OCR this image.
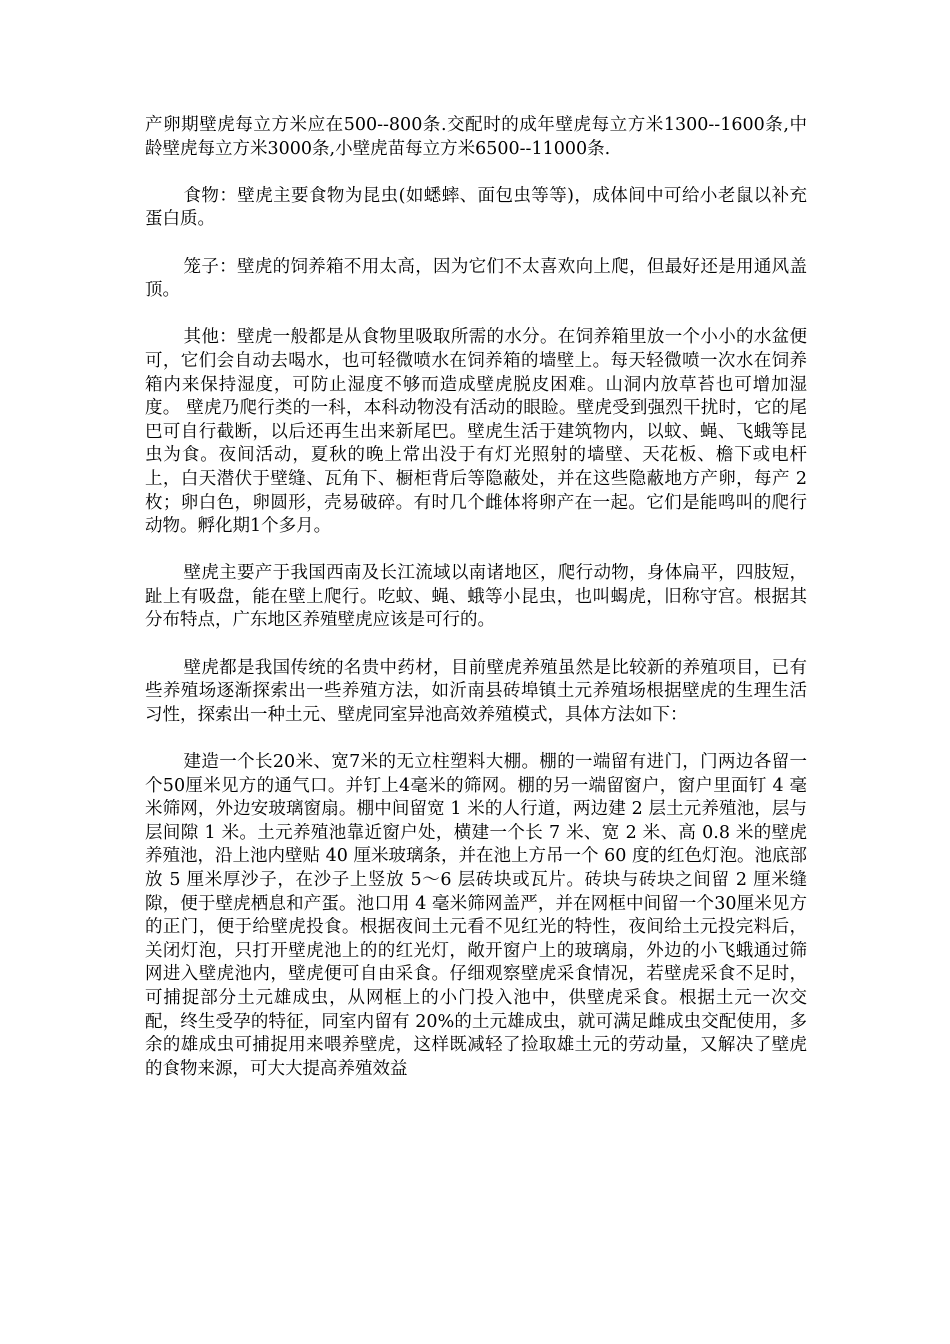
产卵期壁虎每立方米应在500--800条.交配时的成年壁虎每立方米1300--1600条,中龄壁虎每立方米3000条,小壁虎苗每立方米6500--11000条.

食物：壁虎主要食物为昆虫(如蟋蟀、面包虫等等)，成体间中可给小老鼠以补充蛋白质。

笼子：壁虎的饲养箱不用太高，因为它们不太喜欢向上爬，但最好还是用通风盖顶。

其他：壁虎一般都是从食物里吸取所需的水分。在饲养箱里放一个小小的水盆便可，它们会自动去喝水，也可轻微喷水在饲养箱的墙壁上。每天轻微喷一次水在饲养箱内来保持湿度，可防止湿度不够而造成壁虎脱皮困难。山洞内放草苔也可增加湿度。 壁虎乃爬行类的一科，本科动物没有活动的眼睑。壁虎受到强烈干扰时，它的尾巴可自行截断，以后还再生出来新尾巴。壁虎生活于建筑物内，以蚊、蝇、飞蛾等昆虫为食。夜间活动，夏秋的晚上常出没于有灯光照射的墙壁、天花板、檐下或电杆上，白天潜伏于壁缝、瓦角下、橱柜背后等隐蔽处，并在这些隐蔽地方产卵，每产 2 枚；卵白色，卵圆形，壳易破碎。有时几个雌体将卵产在一起。它们是能鸣叫的爬行动物。孵化期1个多月。

壁虎主要产于我国西南及长江流域以南诸地区，爬行动物，身体扁平，四肢短，趾上有吸盘，能在壁上爬行。吃蚊、蝇、蛾等小昆虫，也叫蝎虎，旧称守宫。根据其分布特点，广东地区养殖壁虎应该是可行的。

壁虎都是我国传统的名贵中药材，目前壁虎养殖虽然是比较新的养殖项目，已有些养殖场逐渐探索出一些养殖方法，如沂南县砖埠镇土元养殖场根据壁虎的生理生活习性，探索出一种土元、壁虎同室异池高效养殖模式，具体方法如下：

建造一个长20米、宽7米的无立柱塑料大棚。棚的一端留有进门，门两边各留一个50厘米见方的通气口。并钉上4毫米的筛网。棚的另一端留窗户，窗户里面钉 4 毫米筛网，外边安玻璃窗扇。棚中间留宽 1 米的人行道，两边建 2 层土元养殖池，层与层间隙 1 米。土元养殖池靠近窗户处，横建一个长 7 米、宽 2 米、高 0.8 米的壁虎养殖池，沿上池内壁贴 40 厘米玻璃条，并在池上方吊一个 60 度的红色灯泡。池底部放 5 厘米厚沙子，在沙子上竖放 5～6 层砖块或瓦片。砖块与砖块之间留 2 厘米缝隙，便于壁虎栖息和产蛋。池口用 4 毫米筛网盖严，并在网框中间留一个30厘米见方的正门，便于给壁虎投食。根据夜间土元看不见红光的特性，夜间给土元投完料后，关闭灯泡，只打开壁虎池上的的红光灯，敞开窗户上的玻璃扇，外边的小飞蛾通过筛网进入壁虎池内，壁虎便可自由采食。仔细观察壁虎采食情况，若壁虎采食不足时，可捕捉部分土元雄成虫，从网框上的小门投入池中，供壁虎采食。根据土元一次交配，终生受孕的特征，同室内留有 20%的土元雄成虫，就可满足雌成虫交配使用，多余的雄成虫可捕捉用来喂养壁虎，这样既减轻了捡取雄土元的劳动量，又解决了壁虎的食物来源，可大大提高养殖效益
